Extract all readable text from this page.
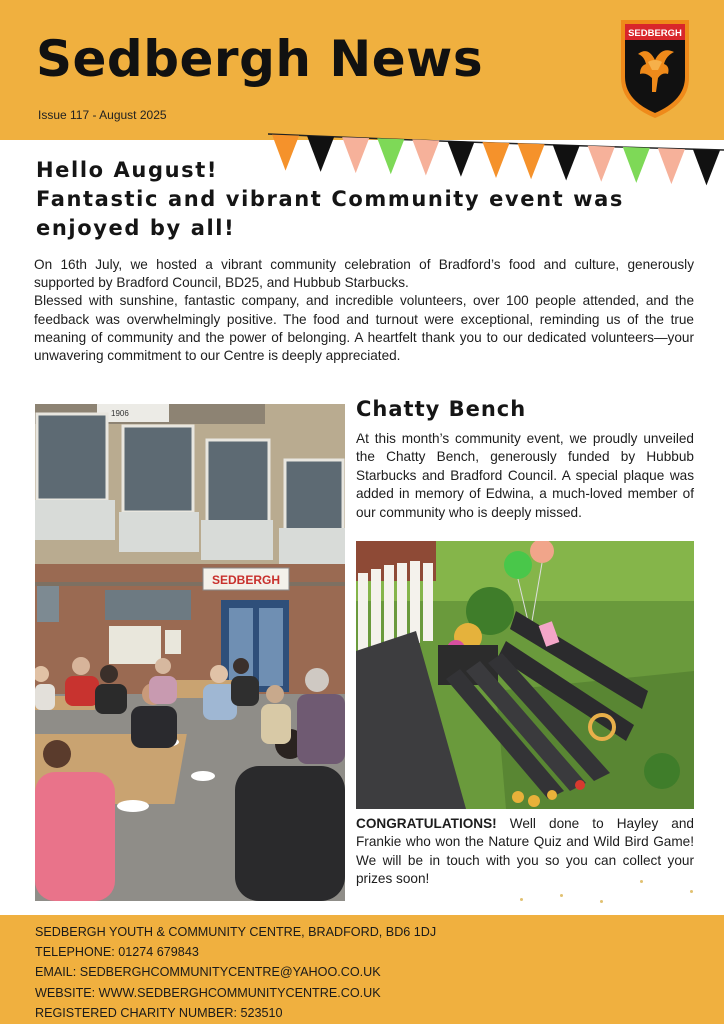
Sedbergh News
Issue 117 - August 2025
SEDBERGH
Hello August!
Fantastic and vibrant Community event was
enjoyed by all!

On 16th July, we hosted a vibrant community celebration of Bradford’s food and culture, generously supported by Bradford Council, BD25, and Hubbub Starbucks.

Blessed with sunshine, fantastic company, and incredible volunteers, over 100 people attended, and the feedback was overwhelmingly positive. The food and turnout were exceptional, reminding us of the true meaning of community and the power of belonging. A heartfelt thank you to our dedicated volunteers—your unwavering commitment to our Centre is deeply appreciated.

1906
SEDBERGH
Chatty Bench

At this month’s community event, we proudly unveiled the Chatty Bench, generously funded by Hubbub Starbucks and Bradford Council. A special plaque was added in memory of Edwina, a much-loved member of our community who is deeply missed.

CONGRATULATIONS! Well done to Hayley and Frankie who won the Nature Quiz and Wild Bird Game! We will be in touch with you so you can collect your prizes soon!

SEDBERGH YOUTH & COMMUNITY CENTRE, BRADFORD, BD6 1DJ
TELEPHONE: 01274 679843
EMAIL: SEDBERGHCOMMUNITYCENTRE@YAHOO.CO.UK
WEBSITE: WWW.SEDBERGHCOMMUNITYCENTRE.CO.UK
REGISTERED CHARITY NUMBER: 523510
